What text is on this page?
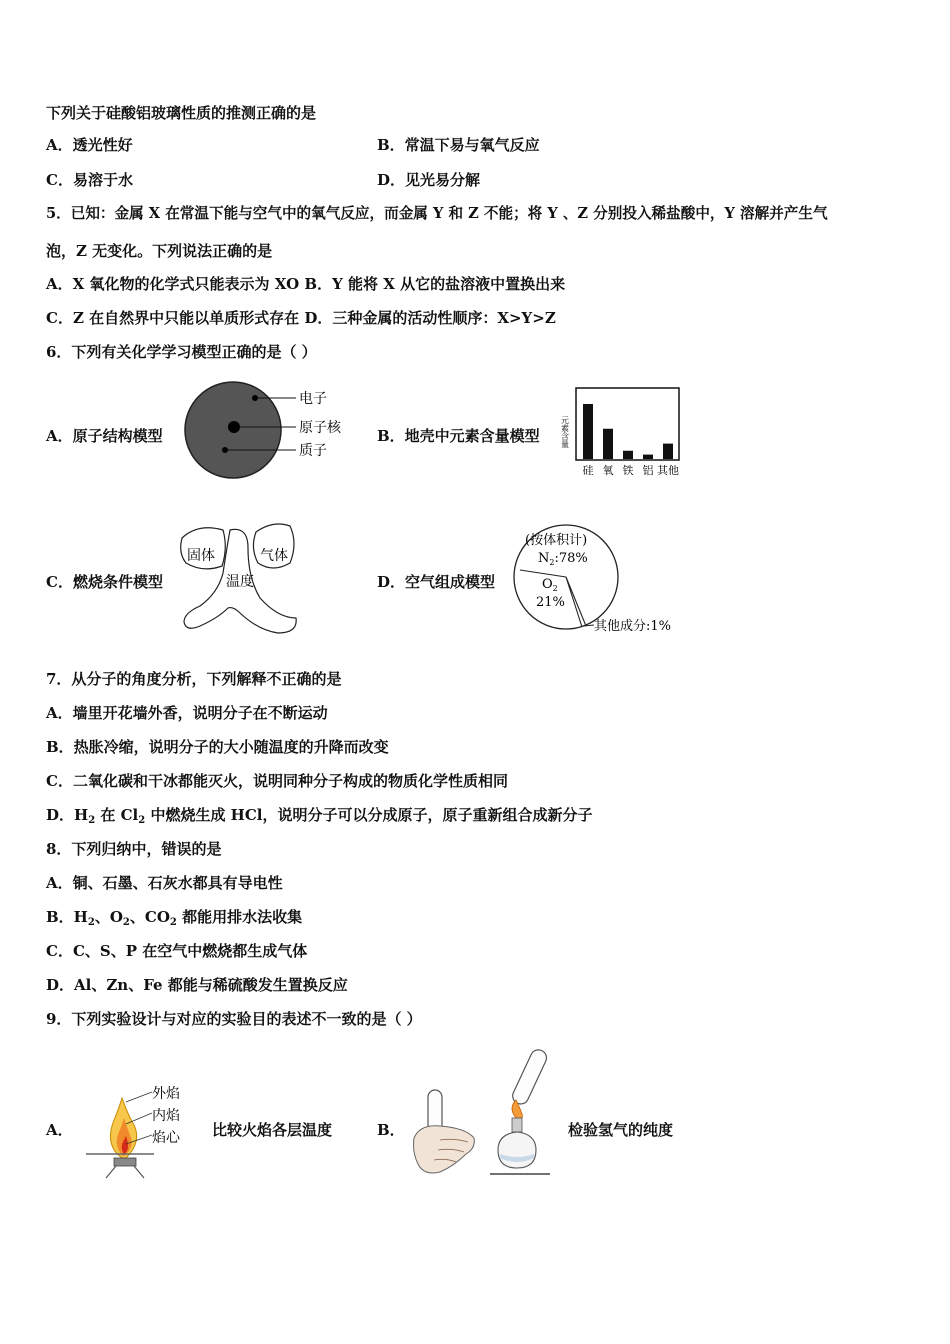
下列关于硅酸铝玻璃性质的推测正确的是
A．透光性好	B．常温下易与氧气反应
C．易溶于水	D．见光易分解
5．已知：金属 X 在常温下能与空气中的氧气反应，而金属 Y 和 Z 不能；将 Y 、Z 分别投入稀盐酸中，Y 溶解并产生气
泡，Z 无变化。下列说法正确的是
A．X 氧化物的化学式只能表示为 XO B．Y 能将 X 从它的盐溶液中置换出来
C．Z 在自然界中只能以单质形式存在 D．三种金属的活动性顺序：X>Y>Z
6．下列有关化学学习模型正确的是（ ）
A．原子结构模型
电子
原子核
质子
B．地壳中元素含量模型	元素含量
硅 氧 铁 铝 其他
C．燃烧条件模型
固体	气体
温度	D．空气组成模型
(按体积计)
$N_2:78\%$
$O_2$
21%
其他成分:1%
7．从分子的角度分析，下列解释不正确的是
A．墙里开花墙外香，说明分子在不断运动
B．热胀冷缩，说明分子的大小随温度的升降而改变
C．二氧化碳和干冰都能灭火，说明同种分子构成的物质化学性质相同
D．$H_2$ 在 $Cl_2$ 中燃烧生成 HCl，说明分子可以分成原子，原子重新组合成新分子
8．下列归纳中，错误的是
A．铜、石墨、石灰水都具有导电性
B．$H_2$、$O_2$、$CO_2$ 都能用排水法收集
C．C、S、P 在空气中燃烧都生成气体
D．Al、Zn、Fe 都能与稀硫酸发生置换反应
9．下列实验设计与对应的实验目的表述不一致的是（ ）
A．
外焰
内焰
焰心 比较火焰各层温度	B．	检验氢气的纯度
